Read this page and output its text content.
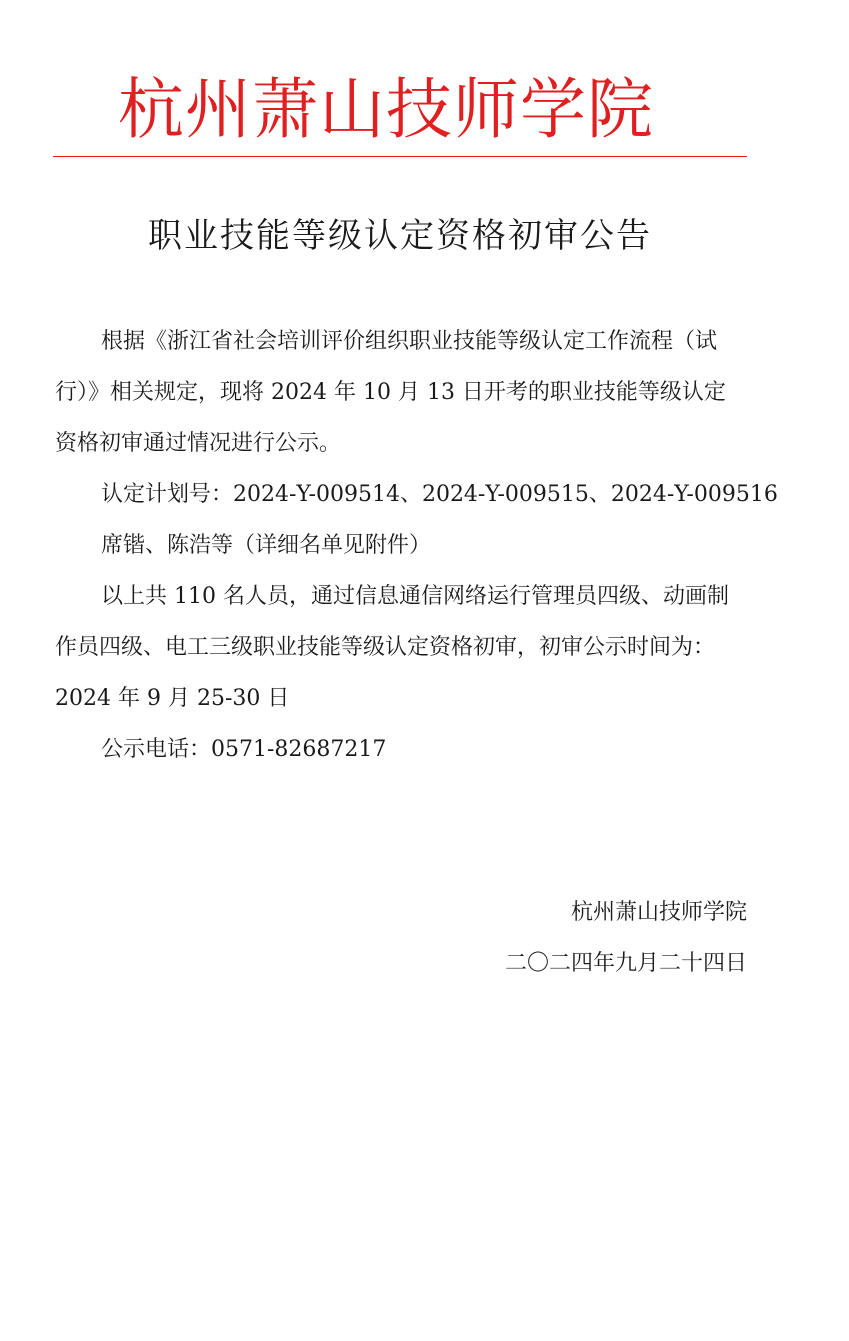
杭州萧山技师学院
职业技能等级认定资格初审公告
根据《浙江省社会培训评价组织职业技能等级认定工作流程（试
行）》相关规定，现将 2024 年 10 月 13 日开考的职业技能等级认定
资格初审通过情况进行公示。
认定计划号：2024-Y-009514、2024-Y-009515、2024-Y-009516
席锴、陈浩等（详细名单见附件）
以上共 110 名人员，通过信息通信网络运行管理员四级、动画制
作员四级、电工三级职业技能等级认定资格初审，初审公示时间为：
2024 年 9 月 25-30 日
公示电话：0571-82687217
杭州萧山技师学院
二〇二四年九月二十四日
